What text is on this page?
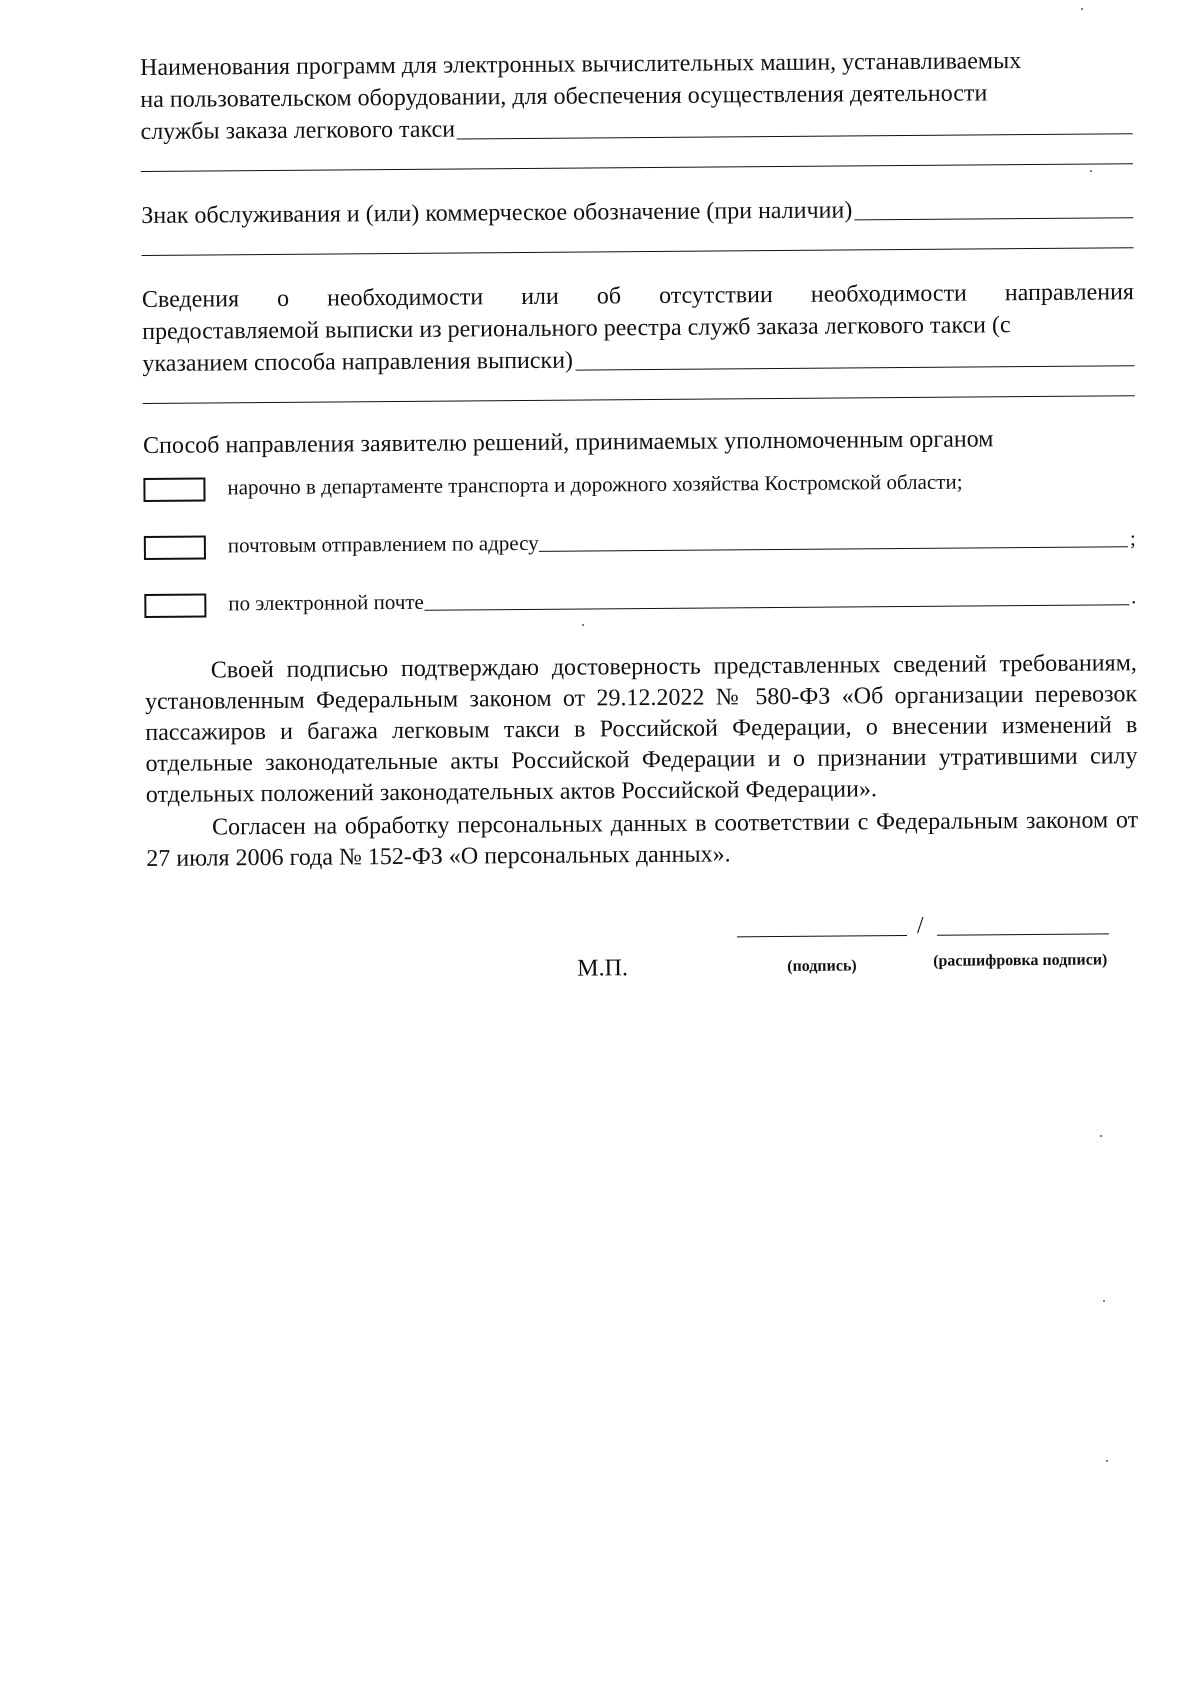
Наименования программ для электронных вычислительных машин, устанавливаемых
на пользовательском оборудовании, для обеспечения осуществления деятельности
службы заказа легкового такси
Знак обслуживания и (или) коммерческое обозначение (при наличии)
Сведения о необходимости или об отсутствии необходимости направления
предоставляемой выписки из регионального реестра служб заказа легкового такси (с
указанием способа направления выписки)
Способ направления заявителю решений, принимаемых уполномоченным органом
нарочно в департаменте транспорта и дорожного хозяйства Костромской области;
почтовым отправлением по адресу	;
по электронной почте	.
Своей подписью подтверждаю достоверность представленных сведений требованиям, установленным Федеральным законом от 29.12.2022 № 580-ФЗ «Об организации перевозок пассажиров и багажа легковым такси в Российской Федерации, о внесении изменений в отдельные законодательные акты Российской Федерации и о признании утратившими силу отдельных положений законодательных актов Российской Федерации».
Согласен на обработку персональных данных в соответствии с Федеральным законом от 27 июля 2006 года № 152-ФЗ «О персональных данных».
/
М.П.	(подпись)	(расшифровка подписи)
